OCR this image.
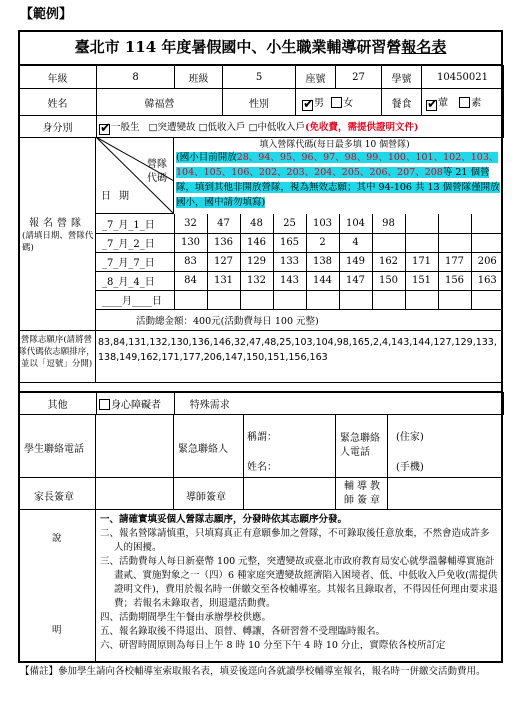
【範例】
臺北市 114 年度暑假國中、小生職業輔導研習營報名表
年級	8	班級	5	座號	27	學號	10450021
姓名	韓福營	性別	✔男 女	餐食	✔葷 素
身分別	✔一般生 □突遭變故 □低收入戶 □中低收入戶(免收費，需提供證明文件)
報名營隊
(請填日期、營隊代碼)
營隊
代碼
日期
填入營隊代碼(每日最多填 10 個營隊)
(國小目前開放28、94、95、96、97、98、99、100、101、102、103、104、105、106、202、203、204、205、206、207、208等 21 個營隊，填到其他非開放營隊，視為無效志願；其中 94-106 共 13 個營隊僅開放國小，國中請勿填寫)
_7_月_1_日	32	47	48	25	103	104	98			
_7_月_2_日	130	136	146	165	2	4				
_7_月_7_日	83	127	129	133	138	149	162	171	177	206
_8_月_4_日	84	131	132	143	144	147	150	151	156	163
____月____日										
活動總金額：400元(活動費每日 100 元整)
營隊志願序(請將營隊代碼依志願排序，並以「逗號」分開)
83,84,131,132,130,136,146,32,47,48,25,103,104,98,165,2,4,143,144,127,129,133,138,149,162,171,177,206,147,150,151,156,163
其他	身心障礙者	特殊需求	
學生聯絡電話	緊急聯絡人
稱謂：
姓名：
緊急聯絡人電話
(住家)
(手機)
家長簽章	導師簽章
輔導教師簽章
說
明

一、請確實填妥個人營隊志願序，分發時依其志願序分發。

二、報名營隊請慎重，只填寫真正有意願參加之營隊，不可錄取後任意放棄，不然會造成許多人的困擾。

三、活動費每人每日新臺幣 100 元整，突遭變故或臺北市政府教育局安心就學溫馨輔導實施計畫貳、實施對象之一（四）6 種家庭突遭變故經濟陷入困境者、低、中低收入戶免收(需提供證明文件)，費用於報名時一併繳交至各校輔導室。其報名且錄取者，不得因任何理由要求退費；若報名未錄取者，則退還活動費。

四、活動期間學生午餐由承辦學校供應。

五、報名錄取後不得退出、頂替、轉讓，各研習營不受理臨時報名。

六、研習時間原則為每日上午 8 時 10 分至下午 4 時 10 分止，實際依各校所訂定

【備註】參加學生請向各校輔導室索取報名表，填妥後逕向各就讀學校輔導室報名，報名時一併繳交活動費用。
